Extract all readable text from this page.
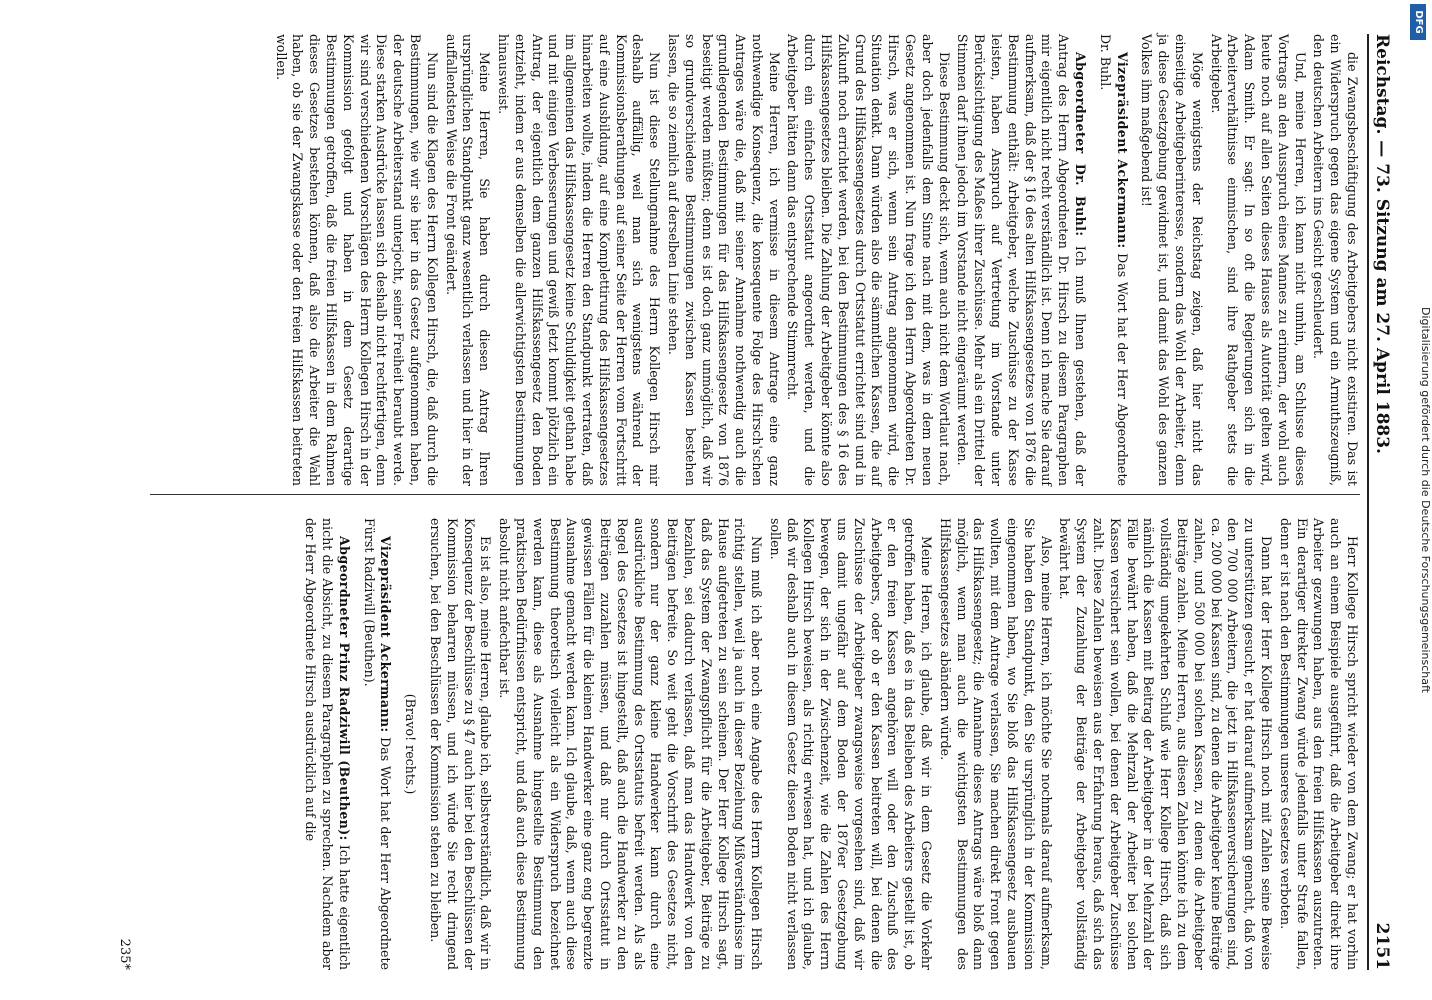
Reichstag. — 73. Sitzung am 27. April 1883.
2151

die Zwangsbeschäftigung des Arbeitgebers nicht existiren. Das ist ein Widerspruch gegen das eigene System und ein Armuthszeugniß, den deutschen Arbeitern ins Gesicht geschleudert.

Und, meine Herren, ich kann nicht umhin, am Schlusse dieses Vortrags an den Ausspruch eines Mannes zu erinnern, der wohl auch heute noch auf allen Seiten dieses Hauses als Autorität gelten wird, Adam Smith. Er sagt: In so oft die Regierungen sich in die Arbeiterverhältnisse einmischen, sind ihre Rathgeber stets die Arbeitgeber.

Möge wenigstens der Reichstag zeigen, daß hier nicht das einseitige Arbeitgeberinteresse, sondern das Wohl der Arbeiter, denn ja diese Gesetzgebung gewidmet ist, und damit das Wohl des ganzen Volkes ihm maßgebend ist!

Vizepräsident Ackermann: Das Wort hat der Herr Abgeordnete Dr. Buhl.

Abgeordneter Dr. Buhl: Ich muß Ihnen gestehen, daß der Antrag des Herrn Abgeordneten Dr. Hirsch zu diesem Paragraphen mir eigentlich nicht recht verständlich ist. Denn ich mache Sie darauf aufmerksam, daß der § 16 des alten Hilfskassengesetzes von 1876 die Bestimmung enthält: Arbeitgeber, welche Zuschüsse zu der Kasse leisten, haben Anspruch auf Vertretung im Vorstande unter Berücksichtigung des Maßes ihrer Zuschüsse. Mehr als ein Drittel der Stimmen darf ihnen jedoch im Vorstande nicht eingeräumt werden.

Diese Bestimmung deckt sich, wenn auch nicht dem Wortlaut nach, aber doch jedenfalls dem Sinne nach mit dem, was in dem neuen Gesetz angenommen ist. Nun frage ich den Herrn Abgeordneten Dr. Hirsch, was er sich, wenn sein Antrag angenommen wird, die Situation denkt. Dann würden also die sämmtlichen Kassen, die auf Grund des Hilfskassengesetzes durch Ortsstatut errichtet sind und in Zukunft noch errichtet werden, bei den Bestimmungen des § 16 des Hilfskassengesetzes bleiben. Die Zahlung der Arbeitgeber könnte also durch ein einfaches Ortsstatut angeordnet werden, und die Arbeitgeber hätten dann das entsprechende Stimmrecht.

Meine Herren, ich vermisse in diesem Antrage eine ganz nothwendige Konsequenz, die konsequente Folge des Hirsch'schen Antrages wäre die, daß mit seiner Annahme nothwendig auch die grundlegenden Bestimmungen für das Hilfskassengesetz von 1876 beseitigt werden müßten; denn es ist doch ganz unmöglich, daß wir so grundverschiedene Bestimmungen zwischen Kassen bestehen lassen, die so ziemlich auf derselben Linie stehen.

Nun ist diese Stellungnahme des Herrn Kollegen Hirsch mir deshalb auffällig, weil man sich wenigstens während der Kommissionsberathungen auf seiner Seite der Herren vom Fortschritt auf eine Ausbildung, auf eine Komplettirung des Hilfskassengesetzes hinarbeiten wollte, indem die Herren den Standpunkt vertraten, daß im allgemeinen das Hilfskassengesetz keine Schuldigkeit gethan habe und mit einigen Verbesserungen und gewiß Jetzt kommt plötzlich ein Antrag, der eigentlich dem ganzen Hilfskassengesetz den Boden entzieht, indem er aus demselben die allerwichtigsten Bestimmungen hinausweist.

Meine Herren, Sie haben durch diesen Antrag Ihren ursprünglichen Standpunkt ganz wesentlich verlassen und hier in der auffallendsten Weise die Front geändert.

Nun sind die Klagen des Herrn Kollegen Hirsch, die, daß durch die Bestimmungen, wie wir sie hier in das Gesetz aufgenommen haben, der deutsche Arbeiterstand unterjocht, seiner Freiheit beraubt werde. Diese starken Ausdrücke lassen sich deshalb nicht rechtfertigen, denn wir sind verschiedenen Vorschlägen des Herrn Kollegen Hirsch in der Kommission gefolgt und haben in dem Gesetz derartige Bestimmungen getroffen, daß die freien Hilfskassen in dem Rahmen dieses Gesetzes bestehen können, daß also die Arbeiter die Wahl haben, ob sie der Zwangskasse oder den freien Hilfskassen beitreten wollen.

Herr Kollege Hirsch spricht wieder von dem Zwang; er hat vorhin auch an einem Beispiele ausgeführt, daß die Arbeitgeber direkt ihre Arbeiter gezwungen haben, aus den freien Hilfskassen auszutreten. Ein derartiger direkter Zwang würde jedenfalls unter Strafe fallen, denn er ist nach den Bestimmungen unseres Gesetzes verboten.

Dann hat der Herr Kollege Hirsch noch mit Zahlen seine Beweise zu unterstützen gesucht, er hat darauf aufmerksam gemacht, daß von den 700 000 Arbeitern, die jetzt in Hilfskassenversicherungen sind, ca. 200 000 bei Kassen sind, zu denen die Arbeitgeber keine Beiträge zahlen, und 500 000 bei solchen Kassen, zu denen die Arbeitgeber Beiträge zahlen. Meine Herren, aus diesen Zahlen könnte ich zu dem vollständig umgekehrten Schluß wie Herr Kollege Hirsch, daß sich nämlich die Kassen mit Beitrag der Arbeitgeber in der Mehrzahl der Fälle bewährt haben, daß die Mehrzahl der Arbeiter bei solchen Kassen versichert sein wollen, bei denen der Arbeitgeber Zuschüsse zahlt. Diese Zahlen beweisen aus der Erfahrung heraus, daß sich das System der Zuzahlung der Beiträge der Arbeitgeber vollständig bewährt hat.

Also, meine Herren, ich möchte Sie nochmals darauf aufmerksam, Sie haben den Standpunkt, den Sie ursprünglich in der Kommission eingenommen haben, wo Sie bloß das Hilfskassengesetz ausbauen wollten, mit dem Antrage verlassen, Sie machen direkt Front gegen das Hilfskassengesetz; die Annahme dieses Antrags wäre bloß dann möglich, wenn man auch die wichtigsten Bestimmungen des Hilfskassengesetzes abändern würde.

Meine Herren, ich glaube, daß wir in dem Gesetz die Vorkehr getroffen haben, daß es in das Belieben des Arbeiters gestellt ist, ob er den freien Kassen angehören will oder den Zuschuß des Arbeitgebers, oder ob er den Kassen beitreten will, bei denen die Zuschüsse der Arbeitgeber zwangsweise vorgesehen sind, daß wir uns damit ungefähr auf dem Boden der 1876er Gesetzgebung bewegen, der sich in der Zwischenzeit, wie die Zahlen des Herrn Kollegen Hirsch beweisen, als richtig erwiesen hat, und ich glaube, daß wir deshalb auch in diesem Gesetz diesen Boden nicht verlassen sollen.

Nun muß ich aber noch eine Angabe des Herrn Kollegen Hirsch richtig stellen, weil ja auch in dieser Beziehung Mißverständnisse im Hause aufgetreten zu sein scheinen. Der Herr Kollege Hirsch sagt, daß das System der Zwangspflicht für die Arbeitgeber, Beiträge zu bezahlen, sei dadurch verlassen, daß man das Handwerk von den Beiträgen befreite. So weit geht die Vorschrift des Gesetzes nicht, sondern nur der ganz kleine Handwerker kann durch eine ausdrückliche Bestimmung des Ortsstatuts befreit werden. Als als Regel des Gesetzes ist hingestellt, daß auch die Handwerker zu den Beiträgen zuzahlen müssen, und daß nur durch Ortsstatut in gewissen Fällen für die kleinen Handwerker eine ganz eng begrenzte Ausnahme gemacht werden kann. Ich glaube, daß, wenn auch diese Bestimmung theoretisch vielleicht als ein Widerspruch bezeichnet werden kann, diese als Ausnahme hingestellte Bestimmung den praktischen Bedürfnissen entspricht, und daß auch diese Bestimmung absolut nicht anfechtbar ist.

Es ist also, meine Herren, glaube ich, selbstverständlich, daß wir in Konsequenz der Beschlüsse zu § 47 auch hier bei den Beschlüssen der Kommission beharren müssen, und ich würde Sie recht dringend ersuchen, bei den Beschlüssen der Kommission stehen zu bleiben.

(Bravo! rechts.)

Vizepräsident Ackermann: Das Wort hat der Herr Abgeordnete Fürst Radziwill (Beuthen).

Abgeordneter Prinz Radziwill (Beuthen): Ich hatte eigentlich nicht die Absicht, zu diesem Paragraphen zu sprechen. Nachdem aber der Herr Abgeordnete Hirsch ausdrücklich auf die

235*
Digitalisierung gefördert durch die Deutsche Forschungsgemeinschaft
DFG
